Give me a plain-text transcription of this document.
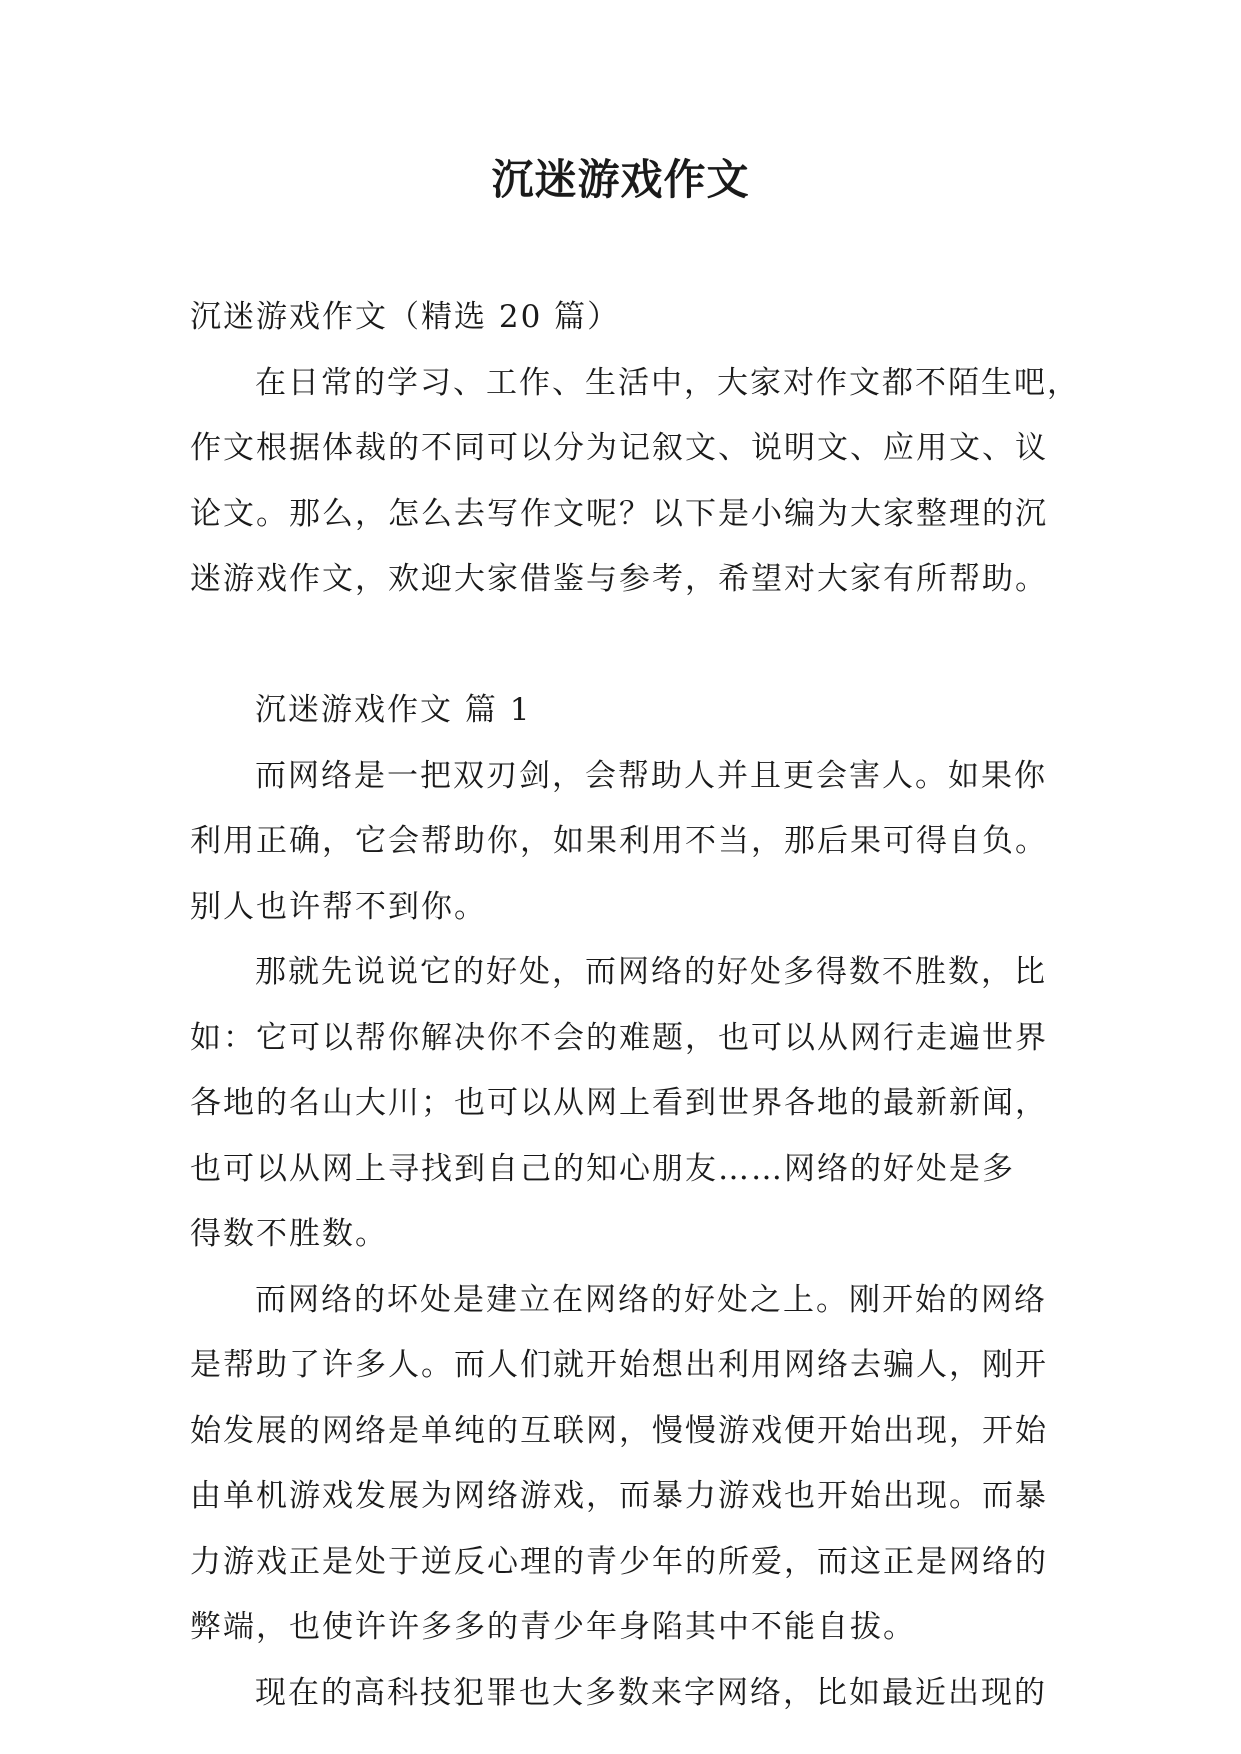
沉迷游戏作文
沉迷游戏作文（精选 20 篇）
在日常的学习、工作、生活中，大家对作文都不陌生吧，
作文根据体裁的不同可以分为记叙文、说明文、应用文、议
论文。那么，怎么去写作文呢？以下是小编为大家整理的沉
迷游戏作文，欢迎大家借鉴与参考，希望对大家有所帮助。
沉迷游戏作文 篇 1
而网络是一把双刃剑，会帮助人并且更会害人。如果你
利用正确，它会帮助你，如果利用不当，那后果可得自负。
别人也许帮不到你。
那就先说说它的好处，而网络的好处多得数不胜数，比
如：它可以帮你解决你不会的难题，也可以从网行走遍世界
各地的名山大川；也可以从网上看到世界各地的最新新闻，
也可以从网上寻找到自己的知心朋友……网络的好处是多
得数不胜数。
而网络的坏处是建立在网络的好处之上。刚开始的网络
是帮助了许多人。而人们就开始想出利用网络去骗人，刚开
始发展的网络是单纯的互联网，慢慢游戏便开始出现，开始
由单机游戏发展为网络游戏，而暴力游戏也开始出现。而暴
力游戏正是处于逆反心理的青少年的所爱，而这正是网络的
弊端，也使许许多多的青少年身陷其中不能自拔。
现在的高科技犯罪也大多数来字网络，比如最近出现的
